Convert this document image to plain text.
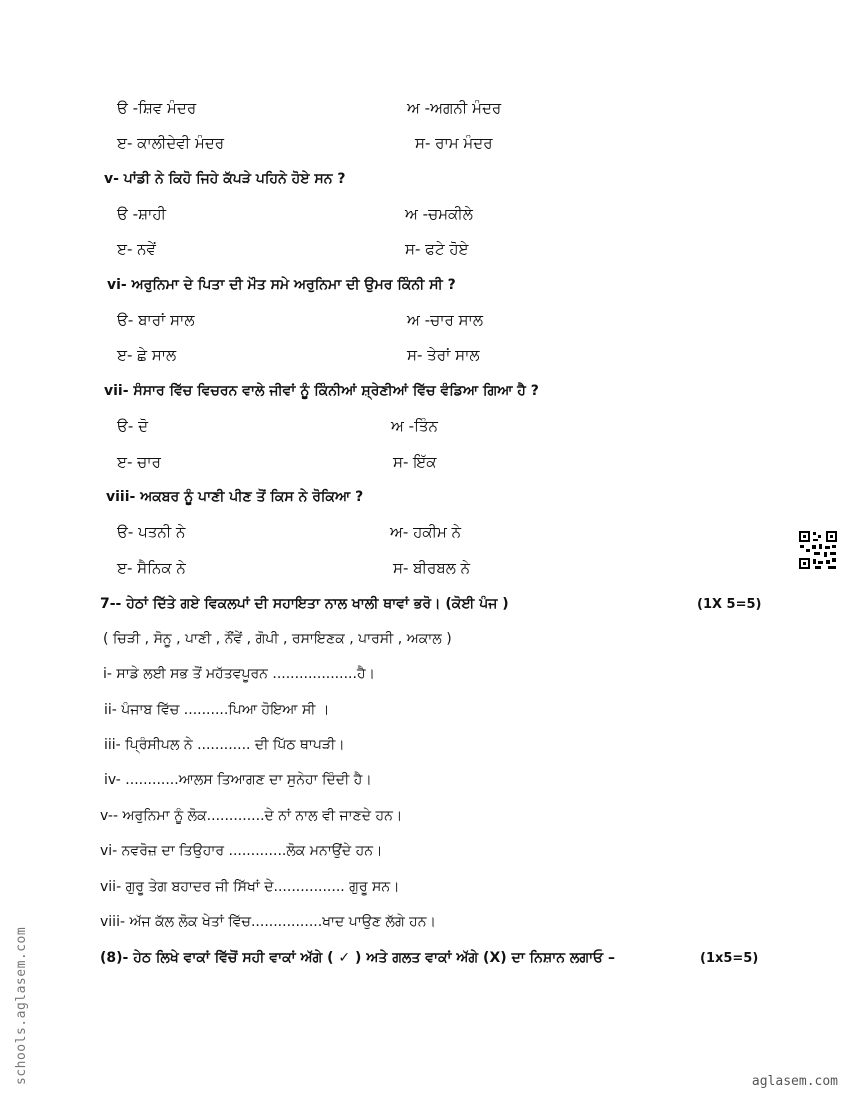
ੳ -ਸ਼ਿਵ ਮੰਦਰ	ਅ -ਅਗਨੀ ਮੰਦਰ
ੲ- ਕਾਲੀਦੇਵੀ ਮੰਦਰ	ਸ- ਰਾਮ ਮੰਦਰ
v- ਪਾਂਡੀ ਨੇ ਕਿਹੋ ਜਿਹੇ ਕੱਪੜੇ ਪਹਿਨੇ ਹੋਏ ਸਨ ?
ੳ -ਸ਼ਾਹੀ	ਅ -ਚਮਕੀਲੇ
ੲ- ਨਵੇਂ	ਸ- ਫਟੇ ਹੋਏ
vi- ਅਰੁਨਿਮਾ ਦੇ ਪਿਤਾ ਦੀ ਮੌਤ ਸਮੇ ਅਰੁਨਿਮਾ ਦੀ ਉਮਰ ਕਿੰਨੀ ਸੀ ?
ੳ- ਬਾਰਾਂ ਸਾਲ	ਅ -ਚਾਰ ਸਾਲ
ੲ- ਛੇ ਸਾਲ	ਸ- ਤੇਰਾਂ ਸਾਲ
vii- ਸੰਸਾਰ ਵਿੱਚ ਵਿਚਰਨ ਵਾਲੇ ਜੀਵਾਂ ਨੂੰ ਕਿੰਨੀਆਂ ਸ਼੍ਰੇਣੀਆਂ ਵਿੱਚ ਵੰਡਿਆ ਗਿਆ ਹੈ ?
ੳ- ਦੋ	ਅ -ਤਿੰਨ
ੲ- ਚਾਰ	ਸ- ਇੱਕ
viii- ਅਕਬਰ ਨੂੰ ਪਾਣੀ ਪੀਣ ਤੋਂ ਕਿਸ ਨੇ ਰੋਕਿਆ ?
ੳ- ਪਤਨੀ ਨੇ	ਅ- ਹਕੀਮ ਨੇ
ੲ- ਸੈਨਿਕ ਨੇ	ਸ- ਬੀਰਬਲ ਨੇ
7-- ਹੇਠਾਂ ਦਿੱਤੇ ਗਏ ਵਿਕਲਪਾਂ ਦੀ ਸਹਾਇਤਾ ਨਾਲ ਖਾਲੀ ਥਾਵਾਂ ਭਰੋ। (ਕੋਈ ਪੰਜ )	(1X 5=5)
( ਚਿੜੀ , ਸੋਨੂ , ਪਾਣੀ , ਨੌਂਵੇਂ , ਗੋਪੀ , ਰਸਾਇਣਕ , ਪਾਰਸੀ , ਅਕਾਲ )
i- ਸਾਡੇ ਲਈ ਸਭ ਤੋਂ ਮਹੱਤਵਪੂਰਨ ...................ਹੈ।
ii- ਪੰਜਾਬ ਵਿੱਚ ..........ਪਿਆ ਹੋਇਆ ਸੀ ।
iii- ਪ੍ਰਿੰਸੀਪਲ ਨੇ ............ ਦੀ ਪਿੱਠ ਥਾਪੜੀ।
iv- ............ਆਲਸ ਤਿਆਗਣ ਦਾ ਸੁਨੇਹਾ ਦਿੰਦੀ ਹੈ।
v-- ਅਰੁਨਿਮਾ ਨੂੰ ਲੋਕ.............ਦੇ ਨਾਂ ਨਾਲ ਵੀ ਜਾਣਦੇ ਹਨ।
vi- ਨਵਰੋਜ਼ ਦਾ ਤਿਉਹਾਰ .............ਲੋਕ ਮਨਾਉਂਦੇ ਹਨ।
vii- ਗੁਰੂ ਤੇਗ ਬਹਾਦਰ ਜੀ ਸਿੱਖਾਂ ਦੇ................ ਗੁਰੂ ਸਨ।
viii- ਅੱਜ ਕੱਲ ਲੋਕ ਖੇਤਾਂ ਵਿੱਚ................ਖਾਦ ਪਾਉਣ ਲੱਗੇ ਹਨ।
(8)- ਹੇਠ ਲਿਖੇ ਵਾਕਾਂ ਵਿੱਚੋਂ ਸਹੀ ਵਾਕਾਂ ਅੱਗੇ ( ✓ ) ਅਤੇ ਗਲਤ ਵਾਕਾਂ ਅੱਗੇ (X) ਦਾ ਨਿਸ਼ਾਨ ਲਗਾਓ –	(1x5=5)
schools.aglasem.com	aglasem.com
